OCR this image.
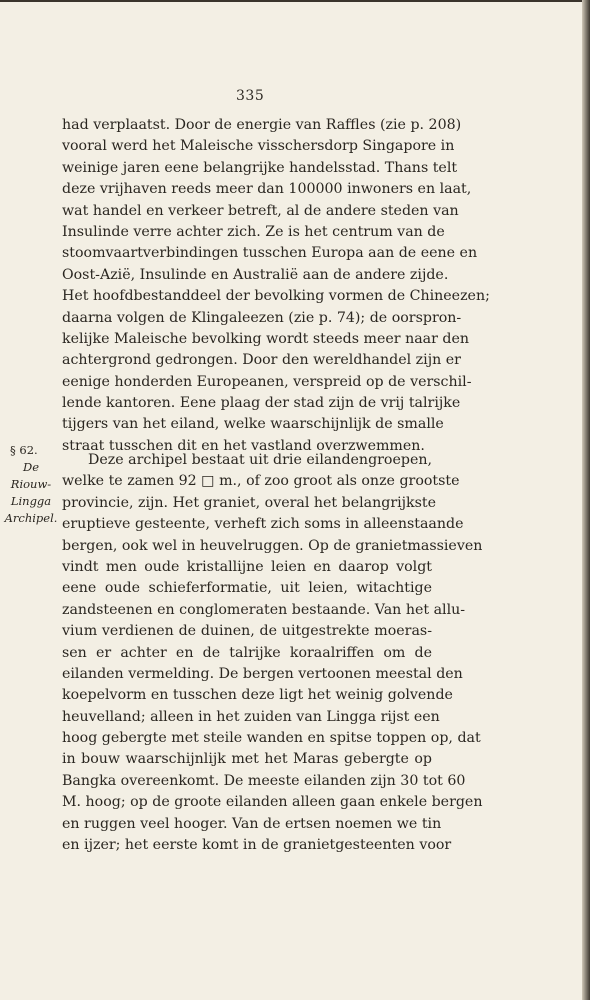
335
had verplaatst. Door de energie van Raffles (zie p. 208)
vooral werd het Maleische visschersdorp Singapore in
weinige jaren eene belangrijke handelsstad. Thans telt
deze vrijhaven reeds meer dan 100000 inwoners en laat,
wat handel en verkeer betreft, al de andere steden van
Insulinde verre achter zich. Ze is het centrum van de
stoomvaartverbindingen tusschen Europa aan de eene en
Oost-Azië, Insulinde en Australië aan de andere zijde.
Het hoofdbestanddeel der bevolking vormen de Chineezen;
daarna volgen de Klingaleezen (zie p. 74); de oorspron-
kelijke Maleische bevolking wordt steeds meer naar den
achtergrond gedrongen. Door den wereldhandel zijn er
eenige honderden Europeanen, verspreid op de verschil-
lende kantoren. Eene plaag der stad zijn de vrij talrijke
tijgers van het eiland, welke waarschijnlijk de smalle
straat tusschen dit en het vastland overzwemmen.
§ 62.
De Riouw-
Lingga
Archipel.
Deze archipel bestaat uit drie eilandengroepen,
welke te zamen 92 □ m., of zoo groot als onze grootste
provincie, zijn. Het graniet, overal het belangrijkste
eruptieve gesteente, verheft zich soms in alleenstaande
bergen, ook wel in heuvelruggen. Op de granietmassieven
vindt men oude kristallijne leien en daarop volgt
eene oude schieferformatie, uit leien, witachtige
zandsteenen en conglomeraten bestaande. Van het allu-
vium verdienen de duinen, de uitgestrekte moeras-
sen er achter en de talrijke koraalriffen om de
eilanden vermelding. De bergen vertoonen meestal den
koepelvorm en tusschen deze ligt het weinig golvende
heuvelland; alleen in het zuiden van Lingga rijst een
hoog gebergte met steile wanden en spitse toppen op, dat
in bouw waarschijnlijk met het Maras gebergte op
Bangka overeenkomt. De meeste eilanden zijn 30 tot 60
M. hoog; op de groote eilanden alleen gaan enkele bergen
en ruggen veel hooger. Van de ertsen noemen we tin
en ijzer; het eerste komt in de granietgesteenten voor
